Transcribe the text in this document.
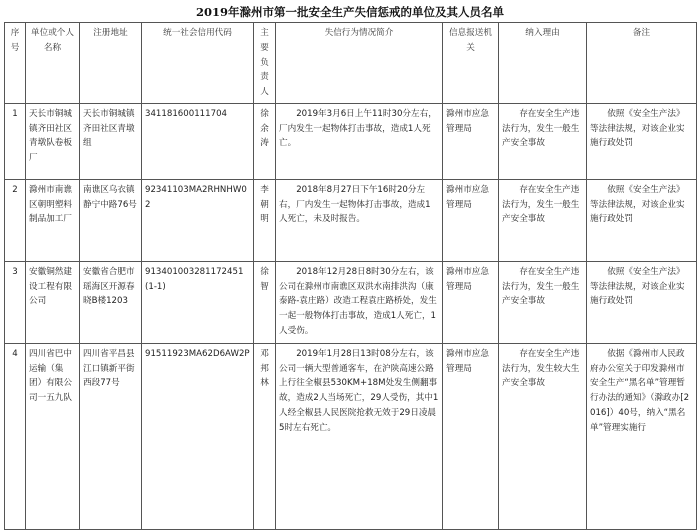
2019年滁州市第一批安全生产失信惩戒的单位及其人员名单
序号	单位或个人名称	注册地址	统一社会信用代码	主要负责人	失信行为情况简介	信息报送机关	纳入理由	备注
1	天长市铜城镇齐田社区青墩队卷板厂	天长市铜城镇齐田社区青墩组	341181600111704	徐余涛	2019年3月6日上午11时30分左右，厂内发生一起物体打击事故，造成1人死亡。	滁州市应急管理局	存在安全生产违法行为，发生一般生产安全事故	依照《安全生产法》等法律法规，对该企业实施行政处罚
2	滁州市南谯区朝明塑料制品加工厂	南谯区乌衣镇静宁中路76号	92341103MA2RHNHW02	李朝明	2018年8月27日下午16时20分左右，厂内发生一起物体打击事故，造成1人死亡，未及时报告。	滁州市应急管理局	存在安全生产违法行为，发生一般生产安全事故	依照《安全生产法》等法律法规，对该企业实施行政处罚
3	安徽铜然建设工程有限公司	安徽省合肥市瑶海区开源春晓B楼1203	913401003281172451 (1-1)	徐智	2018年12月28日8时30分左右，该公司在滁州市南谯区双洪水南排洪沟（康泰路-袁庄路）改造工程袁庄路桥处，发生一起一般物体打击事故，造成1人死亡，1人受伤。	滁州市应急管理局	存在安全生产违法行为，发生一般生产安全事故	依照《安全生产法》等法律法规，对该企业实施行政处罚
4	四川省巴中运输（集团）有限公司一五九队	四川省平昌县江口镇新平街西段77号	91511923MA62D6AW2P	邓邦林	2019年1月28日13时08分左右，该公司一辆大型普通客车，在沪陕高速公路上行往全椒县530KM+18M处发生侧翻事故，造成2人当场死亡，29人受伤，其中1人经全椒县人民医院抢救无效于29日凌晨5时左右死亡。	滁州市应急管理局	存在安全生产违法行为，发生较大生产安全事故	依据《滁州市人民政府办公室关于印发滁州市安全生产“黑名单”管理暂行办法的通知》（滁政办[2016]）40号，纳入“黑名单”管理实施行
